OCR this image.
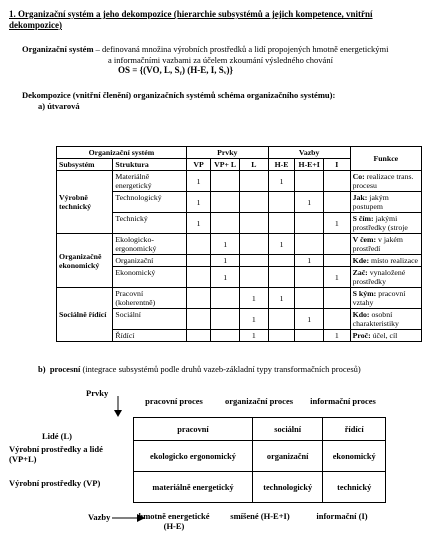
1. Organizační systém a jeho dekompozice (hierarchie subsystémů a jejich kompetence, vnitřní dekompozice)
Organizační systém – definovaná množina výrobních prostředků a lidí propojených hmotně energetickými
a informačními vazbami za účelem zkoumání výsledného chování
OS = {(VO, L, Sᵧ) (H-E, I, Sᵥ)}
Dekompozice (vnitřní členění) organizačních systémů schéma organizačního systému):
a) útvarová
Organizační systém		Prvky			Vazby			Funkce
Subsystém	Struktura	VP	VP+ L	L	H-E	H-E+I	I	
Výrobně technický	Materiálně energetický	1			1			Co: realizace trans. procesu
	Technologický	1				1		Jak: jakým postupem
	Technický	1					1	S čím: jakými prostředky (stroje
Organizačně ekonomický	Ekologicko-ergonomický		1		1			V čem: v jakém prostředí
	Organizační		1			1		Kde: místo realizace
	Ekonomický		1				1	Zač: vynaložené prostředky
Sociálně řídící	Pracovní (koherentně)			1	1			S kým: pracovní vztahy
	Sociální			1		1		Kdo: osobní charakteristiky
	Řídící			1			1	Proč: účel, cíl
b) procesní (integrace subsystémů podle druhů vazeb-základní typy transformačních procesů)
Prvky
pracovní proces	organizační proces	informační proces
Lidé (L)
Výrobní prostředky a lidé (VP+L)
Výrobní prostředky (VP)
pracovní	sociální	řídící
ekologicko ergonomický	organizační	ekonomický
materiálně energetický	technologický	technický
Vazby	hmotně energetické (H-E)
smíšené (H-E+I)	informační (I)
